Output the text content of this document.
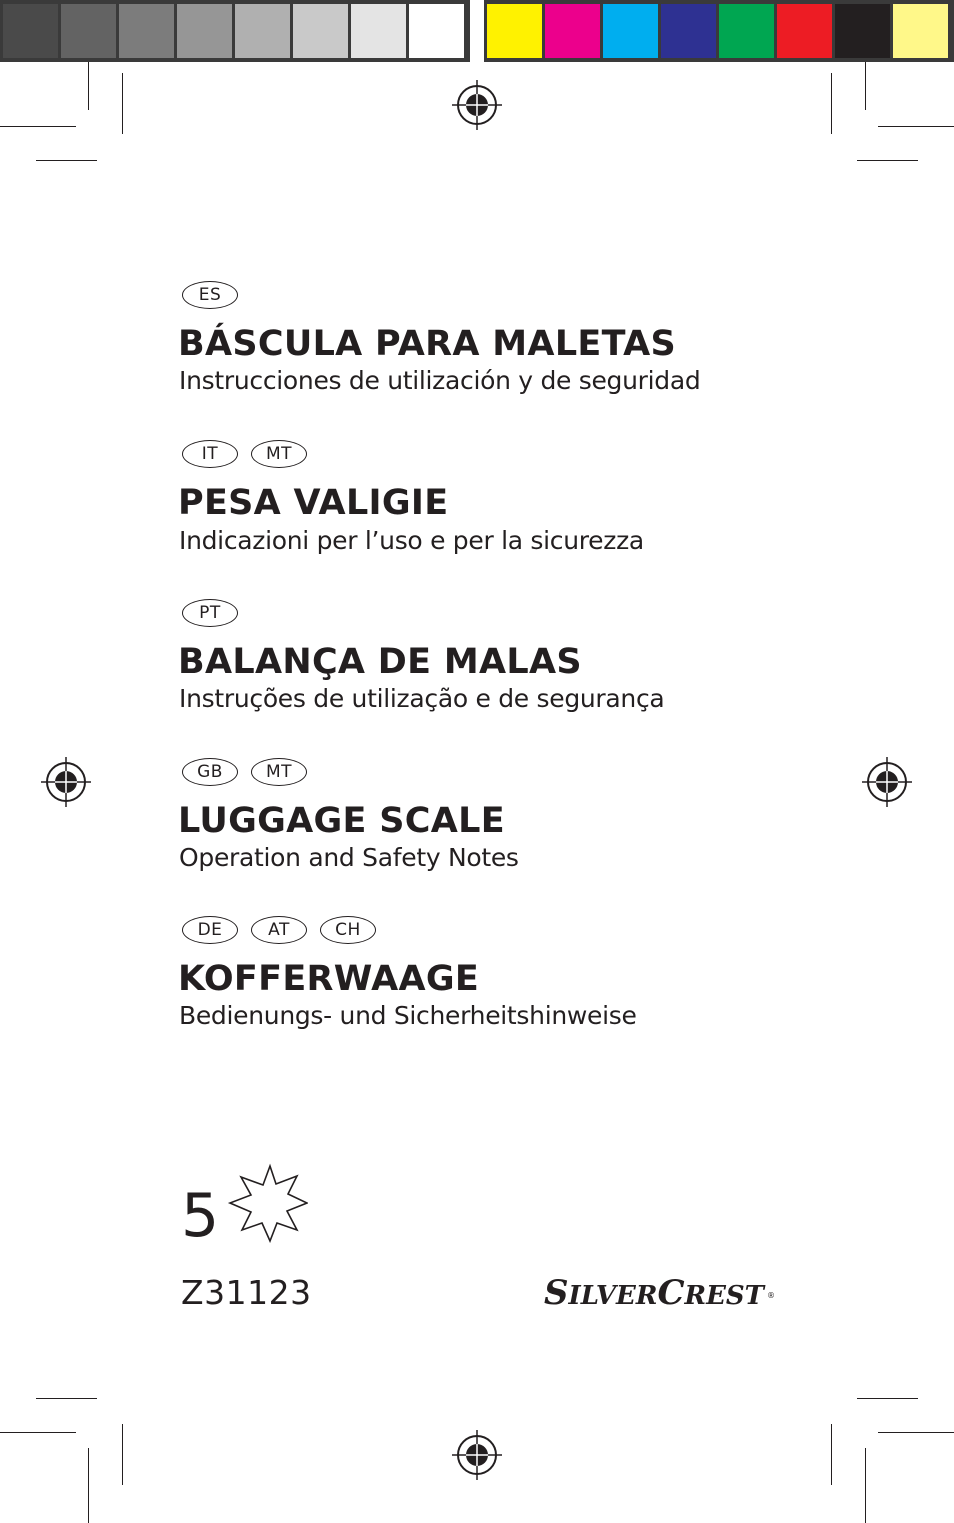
ES
BÁSCULA PARA MALETAS
Instrucciones de utilización y de seguridad
IT	MT
PESA VALIGIE
Indicazioni per l’uso e per la sicurezza
PT
BALANÇA DE MALAS
Instruções de utilização e de segurança
GB	MT
LUGGAGE SCALE
Operation and Safety Notes
DE	AT	CH
KOFFERWAAGE
Bedienungs- und Sicherheitshinweise
5
Z31123	SILVERCREST ®
